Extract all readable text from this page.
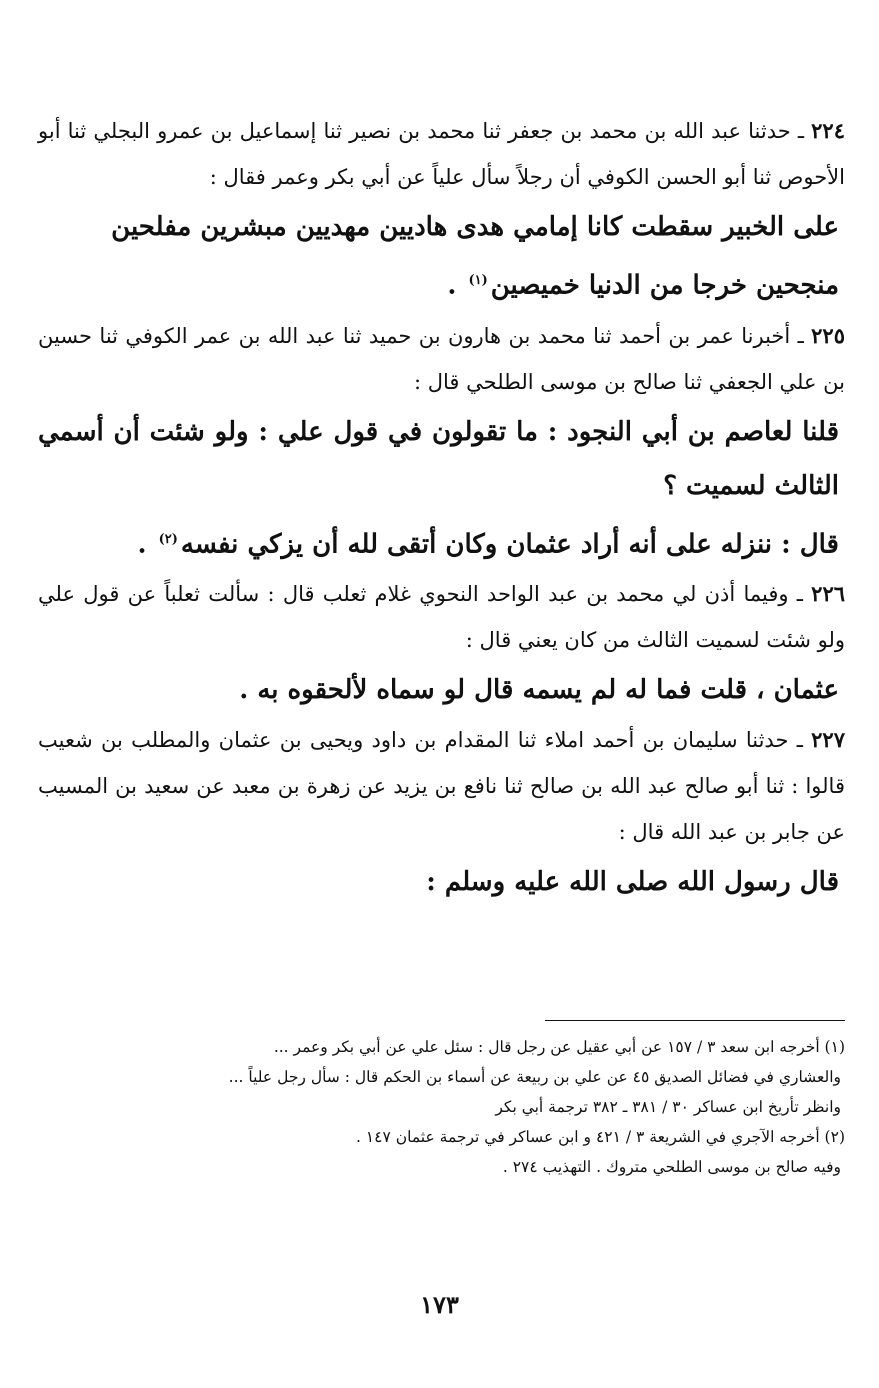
٢٢٤ ـ حدثنا عبد الله بن محمد بن جعفر ثنا محمد بن نصير ثنا إسماعيل بن عمرو البجلي ثنا أبو الأحوص ثنا أبو الحسن الكوفي أن رجلاً سأل علياً عن أبي بكر وعمر فقال :

على الخبير سقطت كانا إمامي هدى هاديين مهديين مبشرين مفلحين

منجحين خرجا من الدنيا خميصين$^{(١)}$ .

٢٢٥ ـ أخبرنا عمر بن أحمد ثنا محمد بن هارون بن حميد ثنا عبد الله بن عمر الكوفي ثنا حسين بن علي الجعفي ثنا صالح بن موسى الطلحي قال :

قلنا لعاصم بن أبي النجود : ما تقولون في قول علي : ولو شئت أن أسمي الثالث لسميت ؟

قال : ننزله على أنه أراد عثمان وكان أتقى لله أن يزكي نفسه$^{(٢)}$ .

٢٢٦ ـ وفيما أذن لي محمد بن عبد الواحد النحوي غلام ثعلب قال : سألت ثعلباً عن قول علي ولو شئت لسميت الثالث من كان يعني قال :

عثمان ، قلت فما له لم يسمه قال لو سماه لألحقوه به .

٢٢٧ ـ حدثنا سليمان بن أحمد املاء ثنا المقدام بن داود ويحيى بن عثمان والمطلب بن شعيب قالوا : ثنا أبو صالح عبد الله بن صالح ثنا نافع بن يزيد عن زهرة بن معبد عن سعيد بن المسيب عن جابر بن عبد الله قال :

قال رسول الله صلى الله عليه وسلم :

(١) أخرجه ابن سعد ٣ / ١٥٧ عن أبي عقيل عن رجل قال : سئل علي عن أبي بكر وعمر ...

والعشاري في فضائل الصديق ٤٥ عن علي بن ربيعة عن أسماء بن الحكم قال : سأل رجل علياً ...

وانظر تأريخ ابن عساكر ٣٠ / ٣٨١ ـ ٣٨٢ ترجمة أبي بكر

(٢) أخرجه الآجري في الشريعة ٣ / ٤٢١ و ابن عساكر في ترجمة عثمان ١٤٧ .

وفيه صالح بن موسى الطلحي متروك . التهذيب ٢٧٤ .

١٧٣
